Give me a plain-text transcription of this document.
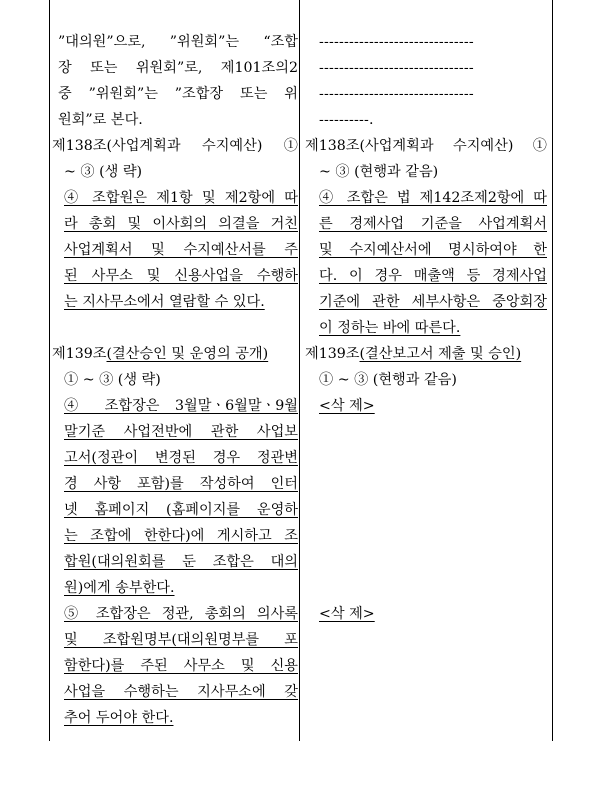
”대의원”으로, ”위원회”는 “조합
장 또는 위원회”로, 제101조의2
중 ”위원회”는 ”조합장 또는 위
원회”로 본다.
제138조(사업계획과 수지예산) ①
~ ③ (생 략)
④ 조합원은 제1항 및 제2항에 따
라 총회 및 이사회의 의결을 거친
사업계획서 및 수지예산서를 주
된 사무소 및 신용사업을 수행하
는 지사무소에서 열람할 수 있다.
제139조(결산승인 및 운영의 공개)
① ~ ③ (생 략)
④ 조합장은 3월말ㆍ6월말ㆍ9월
말기준 사업전반에 관한 사업보
고서(정관이 변경된 경우 정관변
경 사항 포함)를 작성하여 인터
넷 홈페이지 (홈페이지를 운영하
는 조합에 한한다)에 게시하고 조
합원(대의원회를 둔 조합은 대의
원)에게 송부한다.
⑤ 조합장은 정관, 총회의 의사록
및 조합원명부(대의원명부를 포
함한다)를 주된 사무소 및 신용
사업을 수행하는 지사무소에 갖
추어 두어야 한다.
-------------------------------
-------------------------------
-------------------------------
----------.
제138조(사업계획과 수지예산) ①
~ ③ (현행과 같음)
④ 조합은 법 제142조제2항에 따
른 경제사업 기준을 사업계획서
및 수지예산서에 명시하여야 한
다. 이 경우 매출액 등 경제사업
기준에 관한 세부사항은 중앙회장
이 정하는 바에 따른다.
제139조(결산보고서 제출 및 승인)
① ~ ③ (현행과 같음)
<삭 제>
<삭 제>
